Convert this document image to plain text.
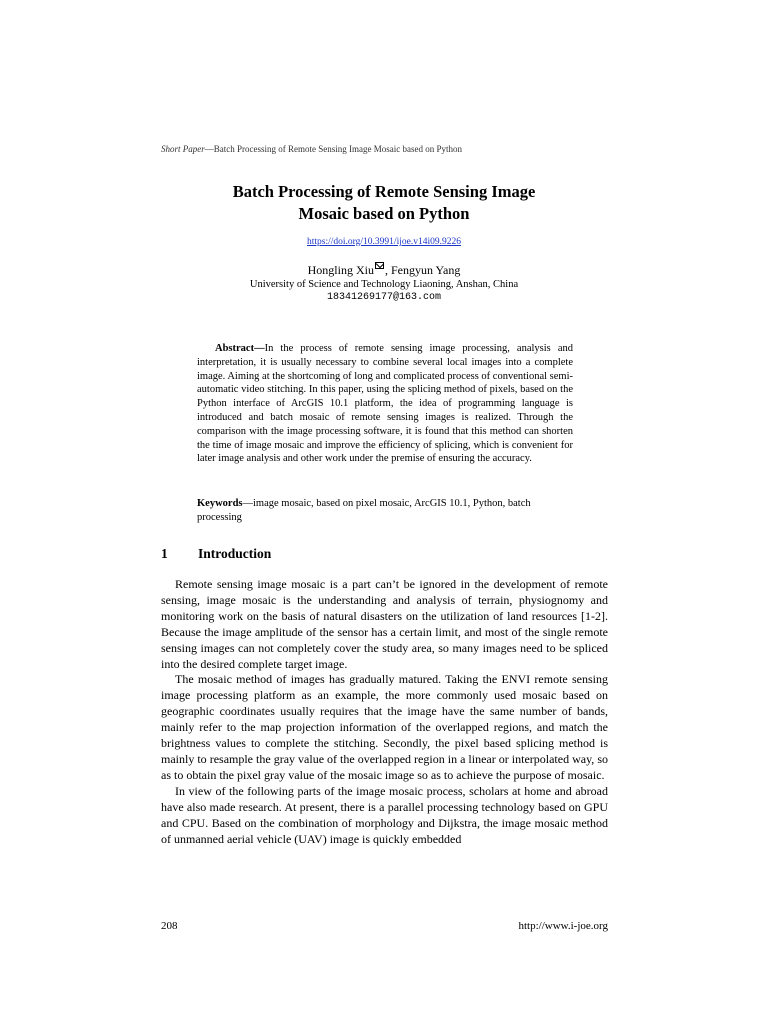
Short Paper—Batch Processing of Remote Sensing Image Mosaic based on Python
Batch Processing of Remote Sensing Image
Mosaic based on Python
https://doi.org/10.3991/ijoe.v14i09.9226
Hongling Xiu , Fengyun Yang
University of Science and Technology Liaoning, Anshan, China
18341269177@163.com

Abstract—In the process of remote sensing image processing, analysis and interpretation, it is usually necessary to combine several local images into a complete image. Aiming at the shortcoming of long and complicated process of conventional semi-automatic video stitching. In this paper, using the splicing method of pixels, based on the Python interface of ArcGIS 10.1 platform, the idea of programming language is introduced and batch mosaic of remote sensing images is realized. Through the comparison with the image processing software, it is found that this method can shorten the time of image mosaic and improve the efficiency of splicing, which is convenient for later image analysis and other work under the premise of ensuring the accuracy.

Keywords—image mosaic, based on pixel mosaic, ArcGIS 10.1, Python, batch processing

1 Introduction

Remote sensing image mosaic is a part can’t be ignored in the development of remote sensing, image mosaic is the understanding and analysis of terrain, physiognomy and monitoring work on the basis of natural disasters on the utilization of land resources [1-2]. Because the image amplitude of the sensor has a certain limit, and most of the single remote sensing images can not completely cover the study area, so many images need to be spliced into the desired complete target image.

The mosaic method of images has gradually matured. Taking the ENVI remote sensing image processing platform as an example, the more commonly used mosaic based on geographic coordinates usually requires that the image have the same number of bands, mainly refer to the map projection information of the overlapped regions, and match the brightness values to complete the stitching. Secondly, the pixel based splicing method is mainly to resample the gray value of the overlapped region in a linear or interpolated way, so as to obtain the pixel gray value of the mosaic image so as to achieve the purpose of mosaic.

In view of the following parts of the image mosaic process, scholars at home and abroad have also made research. At present, there is a parallel processing technology based on GPU and CPU. Based on the combination of morphology and Dijkstra, the image mosaic method of unmanned aerial vehicle (UAV) image is quickly embedded

208	http://www.i-joe.org
